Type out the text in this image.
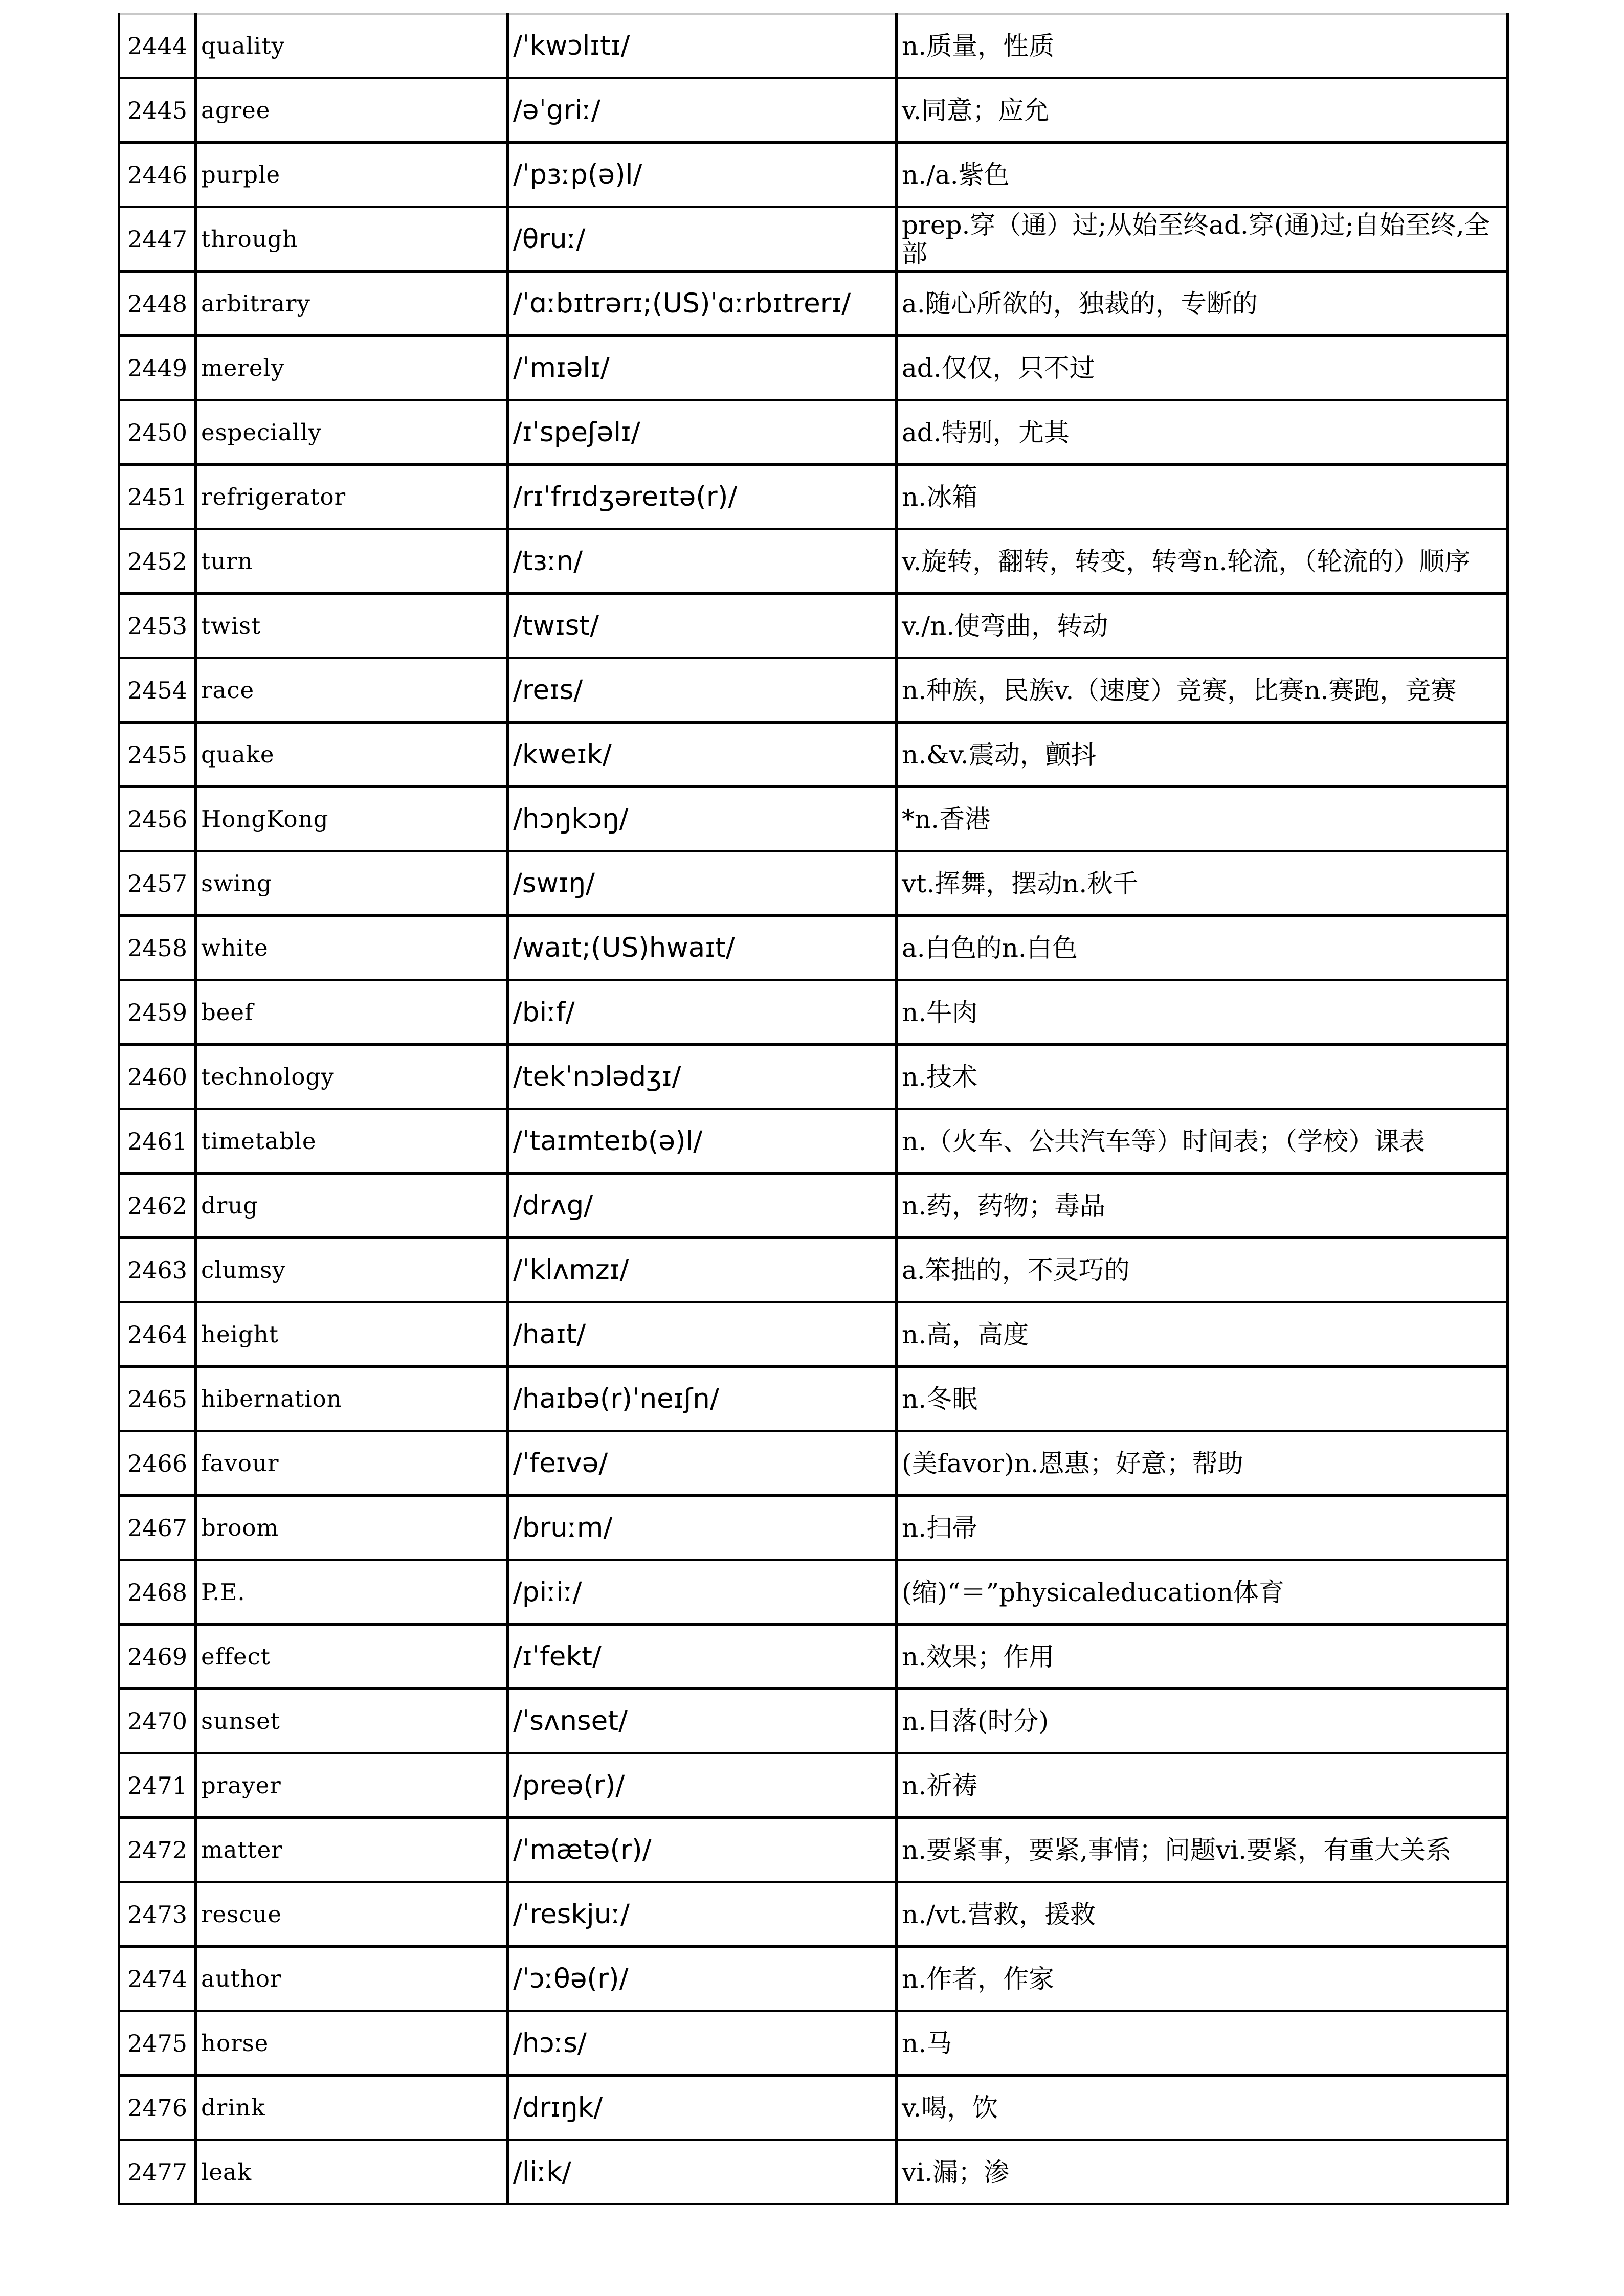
2444	quality	/ˈkwɔlɪtɪ/	n.质量，性质
2445	agree	/əˈgriː/	v.同意；应允
2446	purple	/ˈpɜːp(ə)l/	n./a.紫色
2447	through	/θruː/	prep.穿（通）过;从始至终ad.穿(通)过;自始至终,全部
2448	arbitrary	/ˈɑːbɪtrərɪ;(US)ˈɑːrbɪtrerɪ/	a.随心所欲的，独裁的，专断的
2449	merely	/ˈmɪəlɪ/	ad.仅仅，只不过
2450	especially	/ɪˈspeʃəlɪ/	ad.特别，尤其
2451	refrigerator	/rɪˈfrɪdʒəreɪtə(r)/	n.冰箱
2452	turn	/tɜːn/	v.旋转，翻转，转变，转弯n.轮流，（轮流的）顺序
2453	twist	/twɪst/	v./n.使弯曲，转动
2454	race	/reɪs/	n.种族，民族v.（速度）竞赛，比赛n.赛跑，竞赛
2455	quake	/kweɪk/	n.&v.震动，颤抖
2456	HongKong	/hɔŋkɔŋ/	*n.香港
2457	swing	/swɪŋ/	vt.挥舞，摆动n.秋千
2458	white	/waɪt;(US)hwaɪt/	a.白色的n.白色
2459	beef	/biːf/	n.牛肉
2460	technology	/tekˈnɔlədʒɪ/	n.技术
2461	timetable	/ˈtaɪmteɪb(ə)l/	n.（火车、公共汽车等）时间表；（学校）课表
2462	drug	/drʌg/	n.药，药物；毒品
2463	clumsy	/ˈklʌmzɪ/	a.笨拙的，不灵巧的
2464	height	/haɪt/	n.高，高度
2465	hibernation	/haɪbə(r)ˈneɪʃn/	n.冬眠
2466	favour	/ˈfeɪvə/	(美favor)n.恩惠；好意；帮助
2467	broom	/bruːm/	n.扫帚
2468	P.E.	/piːiː/	(缩)“＝”physicaleducation体育
2469	effect	/ɪˈfekt/	n.效果；作用
2470	sunset	/ˈsʌnset/	n.日落(时分)
2471	prayer	/preə(r)/	n.祈祷
2472	matter	/ˈmætə(r)/	n.要紧事，要紧,事情；问题vi.要紧，有重大关系
2473	rescue	/ˈreskjuː/	n./vt.营救，援救
2474	author	/ˈɔːθə(r)/	n.作者，作家
2475	horse	/hɔːs/	n.马
2476	drink	/drɪŋk/	v.喝，饮
2477	leak	/liːk/	vi.漏；渗
